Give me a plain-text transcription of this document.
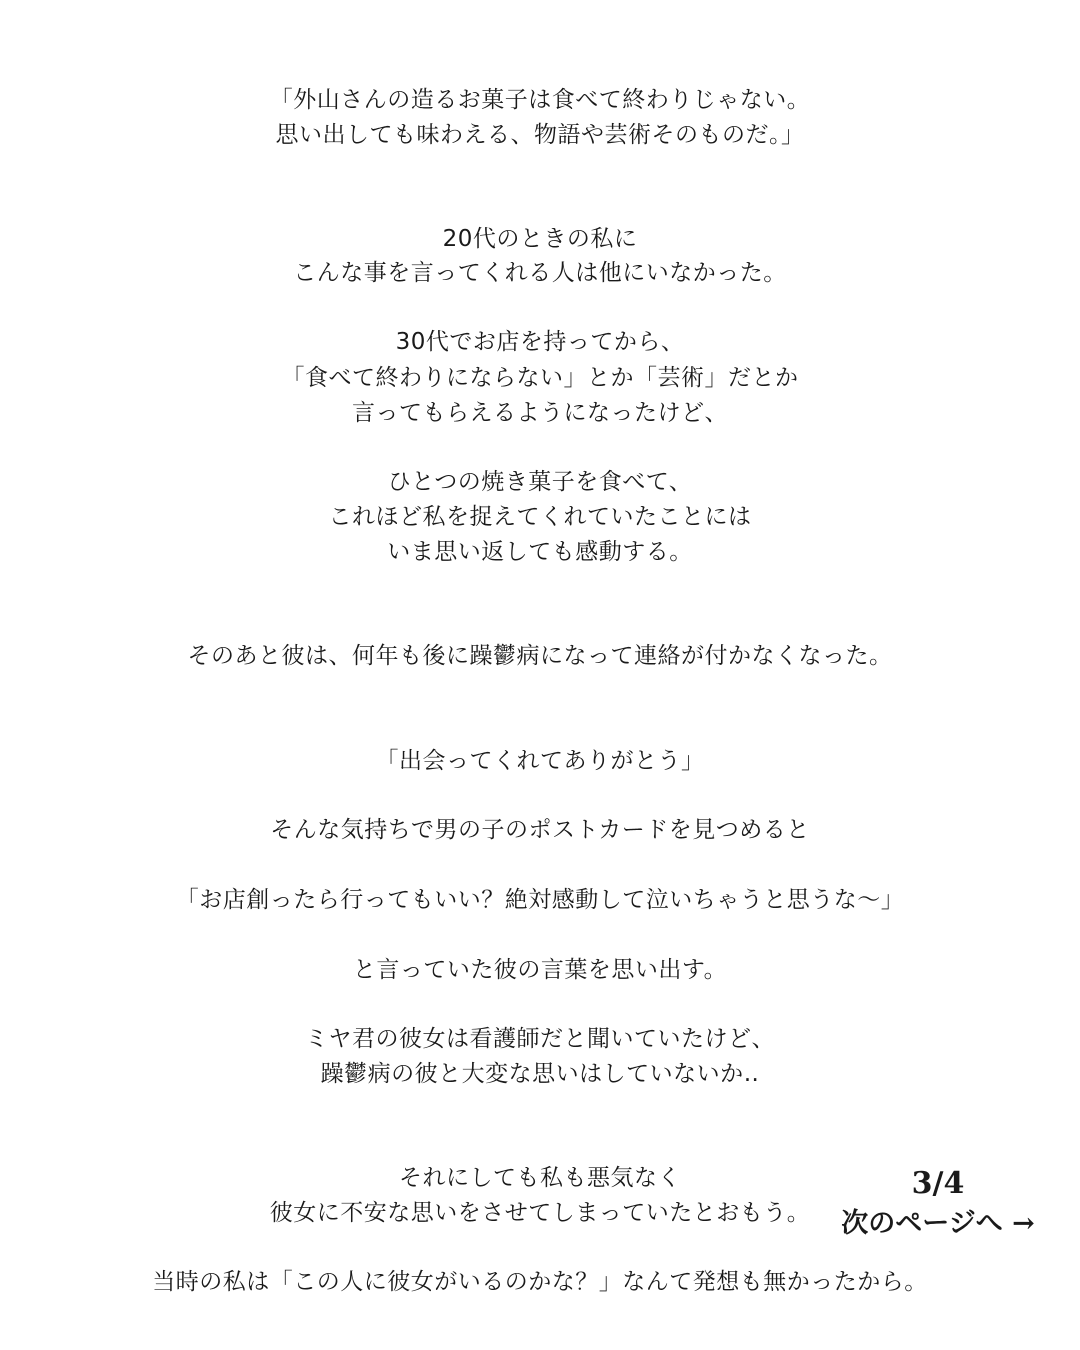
「外山さんの造るお菓子は食べて終わりじゃない。
思い出しても味わえる、物語や芸術そのものだ。」
20代のときの私に
こんな事を言ってくれる人は他にいなかった。
30代でお店を持ってから、
「食べて終わりにならない」とか「芸術」だとか
言ってもらえるようになったけど、
ひとつの焼き菓子を食べて、
これほど私を捉えてくれていたことには
いま思い返しても感動する。
そのあと彼は、何年も後に躁鬱病になって連絡が付かなくなった。
「出会ってくれてありがとう」
そんな気持ちで男の子のポストカードを見つめると
「お店創ったら行ってもいい？絶対感動して泣いちゃうと思うな〜」
と言っていた彼の言葉を思い出す。
ミヤ君の彼女は看護師だと聞いていたけど、
躁鬱病の彼と大変な思いはしていないか‥
それにしても私も悪気なく
彼女に不安な思いをさせてしまっていたとおもう。
当時の私は「この人に彼女がいるのかな？」なんて発想も無かったから。
3/4
次のページへ →
